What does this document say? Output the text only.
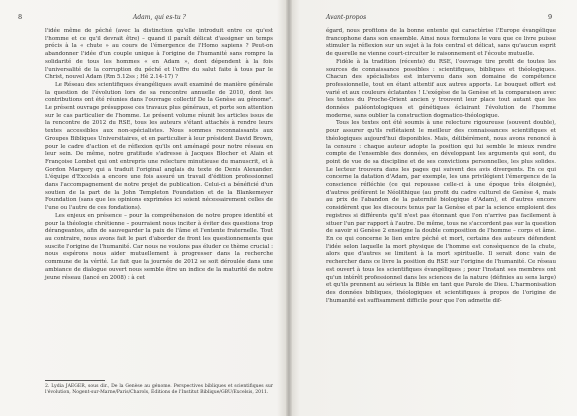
8	Adam, qui es-tu ?

l'idée même de péché (avec la distinction qu'elle introduit entre ce qu'est l'homme et ce qu'il devrait être) – quand il paraît délicat d'assigner un temps précis à la « chute » au cours de l'émergence de l'Homo sapiens ? Peut-on abandonner l'idée d'un couple unique à l'origine de l'humanité sans rompre la solidarité de tous les hommes « en Adam », dont dépendent à la fois l'universalité de la corruption du péché et l'offre du salut faite à tous par le Christ, nouvel Adam (Rm 5.12ss ; Hé 2.14-17) ?

Le Réseau des scientifiques évangéliques avait examiné de manière générale la question de l'évolution lors de sa rencontre annuelle de 2010, dont les contributions ont été réunies dans l'ouvrage collectif De la Genèse au génome². Le présent ouvrage présuppose ces travaux plus généraux, et porte son attention sur le cas particulier de l'homme. Le présent volume réunit les articles issus de la rencontre de 2012 du RSE, tous les auteurs s'étant attachés à rendre leurs textes accessibles aux non-spécialistes. Nous sommes reconnaissants aux Groupes Bibliques Universitaires, et en particulier à leur président David Brown, pour le cadre d'action et de réflexion qu'ils ont aménagé pour notre réseau en leur sein. De même, notre gratitude s'adresse à Jacques Blocher et Alain et Françoise Lombet qui ont entrepris une relecture minutieuse du manuscrit, et à Gordon Margery qui a traduit l'original anglais du texte de Denis Alexander. L'équipe d'Excelsis a encore une fois assuré un travail d'édition professionnel dans l'accompagnement de notre projet de publication. Celui-ci a bénéficié d'un soutien de la part de la John Templeton Foundation et de la Blankemeyer Foundation (sans que les opinions exprimées ici soient nécessairement celles de l'une ou l'autre de ces fondations).

Les enjeux en présence – pour la compréhension de notre propre identité et pour la théologie chrétienne – pourraient nous inciter à éviter des questions trop dérangeantes, afin de sauvegarder la paix de l'âme et l'entente fraternelle. Tout au contraire, nous avons fait le pari d'aborder de front les questionnements que suscite l'origine de l'humanité. Car nous ne voulons pas éluder ce thème crucial : nous espérons nous aider mutuellement à progresser dans la recherche commune de la vérité. Le fait que la journée de 2012 se soit déroulée dans une ambiance de dialogue ouvert nous semble être un indice de la maturité de notre jeune réseau (lancé en 2008) : à cet

2. Lydia JAEGER, sous dir., De la Genèse au génome. Perspectives bibliques et scientifiques sur l'évolution, Nogent-sur-Marne/Paris/Charols, Éditions de l'Institut Biblique/GBU/Excelsis, 2011.
Avant-propos	9

égard, nous profitons de la bonne entente qui caractérise l'Europe évangélique francophone dans son ensemble. Ainsi nous formulons le vœu que ce livre puisse stimuler la réflexion sur un sujet à la fois central et délicat, sans qu'aucun esprit de querelle ne vienne court-circuiter le raisonnement et l'écoute mutuelle.

Fidèle à la tradition (récente) du RSE, l'ouvrage tire profit de toutes les sources de connaissance possibles : scientifiques, bibliques et théologiques. Chacun des spécialistes est intervenu dans son domaine de compétence professionnelle, tout en étant attentif aux autres apports. Le bouquet offert est varié et aux couleurs éclatantes ! L'exégèse de la Genèse et la comparaison avec les textes du Proche-Orient ancien y trouvent leur place tout autant que les données paléontologiques et génétiques éclairant l'évolution de l'homme moderne, sans oublier la construction dogmatico-théologique.

Tous les textes ont été soumis à une relecture rigoureuse (souvent double), pour assurer qu'ils reflètaient le meilleur des connaissances scientifiques et théologiques aujourd'hui disponibles. Mais, délibérément, nous avons renoncé à la censure : chaque auteur adopte la position qui lui semble le mieux rendre compte de l'ensemble des données, en développant les arguments qui sont, du point de vue de sa discipline et de ses convictions personnelles, les plus solides. Le lecteur trouvera dans les pages qui suivent des avis divergents. En ce qui concerne la datation d'Adam, par exemple, les uns privilégient l'émergence de la conscience réfléchie (ce qui repousse celle-ci à une époque très éloignée), d'autres préfèrent le Néolithique (au profit du cadre culturel de Genèse 4, mais au prix de l'abandon de la paternité biologique d'Adam), et d'autres encore considèrent que les discours tenus par la Genèse et par la science emploient des registres si différents qu'il n'est pas étonnant que l'on n'arrive pas facilement à situer l'un par rapport à l'autre. De même, tous ne s'accordent pas sur la question de savoir si Genèse 2 enseigne la double composition de l'homme – corps et âme. En ce qui concerne le lien entre péché et mort, certains des auteurs défendent l'idée selon laquelle la mort physique de l'homme est conséquence de la chute, alors que d'autres se limitent à la mort spirituelle. Il serait donc vain de rechercher dans ce livre la position du RSE sur l'origine de l'humanité. Ce réseau est ouvert à tous les scientifiques évangéliques ; pour l'instant ses membres ont qu'un intérêt professionnel dans les sciences de la nature (définies au sens large) et qu'ils prennent au sérieux la Bible en tant que Parole de Dieu. L'harmonisation des données bibliques, théologiques et scientifiques à propos de l'origine de l'humanité est suffisamment difficile pour que l'on admette dif-
